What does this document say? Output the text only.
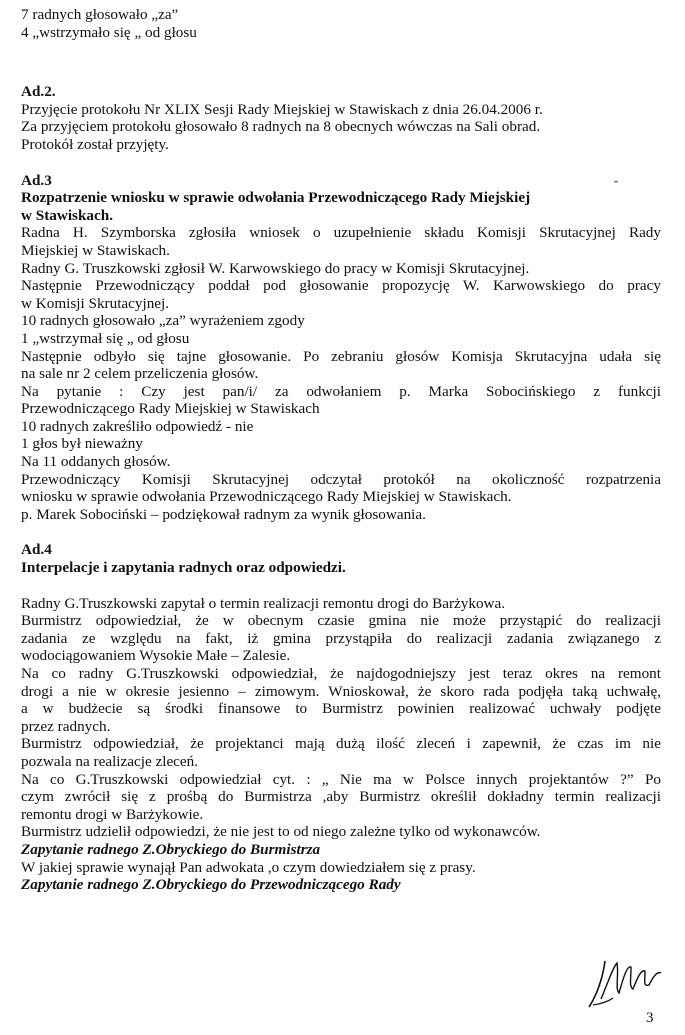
7 radnych głosowało „za”
4 „wstrzymało się „ od głosu
Ad.2.
Przyjęcie protokołu Nr XLIX Sesji Rady Miejskiej w Stawiskach z dnia 26.04.2006 r.
Za przyjęciem protokołu głosowało 8 radnych na 8 obecnych wówczas na Sali obrad.
Protokół został przyjęty.
Ad.3
Rozpatrzenie wniosku w sprawie odwołania Przewodniczącego Rady Miejskiej
w Stawiskach.
Radna H. Szymborska zgłosiła wniosek o uzupełnienie składu Komisji Skrutacyjnej Rady
Miejskiej w Stawiskach.
Radny G. Truszkowski zgłosił W. Karwowskiego do pracy w Komisji Skrutacyjnej.
Następnie Przewodniczący poddał pod głosowanie propozycję W. Karwowskiego do pracy
w Komisji Skrutacyjnej.
10 radnych głosowało „za” wyrażeniem zgody
1 „wstrzymał się „ od głosu
Następnie odbyło się tajne głosowanie. Po zebraniu głosów Komisja Skrutacyjna udała się
na sale nr 2 celem przeliczenia głosów.
Na pytanie : Czy jest pan/i/ za odwołaniem p. Marka Sobocińskiego z funkcji
Przewodniczącego Rady Miejskiej w Stawiskach
10 radnych zakreśliło odpowiedź - nie
1 głos był nieważny
Na 11 oddanych głosów.
Przewodniczący Komisji Skrutacyjnej odczytał protokół na okoliczność rozpatrzenia
wniosku w sprawie odwołania Przewodniczącego Rady Miejskiej w Stawiskach.
p. Marek Sobociński – podziękował radnym za wynik głosowania.
Ad.4
Interpelacje i zapytania radnych oraz odpowiedzi.
Radny G.Truszkowski zapytał o termin realizacji remontu drogi do Barżykowa.
Burmistrz odpowiedział, że w obecnym czasie gmina nie może przystąpić do realizacji
zadania ze względu na fakt, iż gmina przystąpiła do realizacji zadania związanego z
wodociągowaniem Wysokie Małe – Zalesie.
Na co radny G.Truszkowski odpowiedział, że najdogodniejszy jest teraz okres na remont
drogi a nie w okresie jesienno – zimowym. Wnioskował, że skoro rada podjęła taką uchwałę,
a w budżecie są środki finansowe to Burmistrz powinien realizować uchwały podjęte
przez radnych.
Burmistrz odpowiedział, że projektanci mają dużą ilość zleceń i zapewnił, że czas im nie
pozwala na realizacje zleceń.
Na co G.Truszkowski odpowiedział cyt. : „ Nie ma w Polsce innych projektantów ?” Po
czym zwrócił się z prośbą do Burmistrza ,aby Burmistrz określił dokładny termin realizacji
remontu drogi w Barżykowie.
Burmistrz udzielił odpowiedzi, że nie jest to od niego zależne tylko od wykonawców.
Zapytanie radnego Z.Obryckiego do Burmistrza
W jakiej sprawie wynajął Pan adwokata ,o czym dowiedziałem się z prasy.
Zapytanie radnego Z.Obryckiego do Przewodniczącego Rady
ˇ
3
